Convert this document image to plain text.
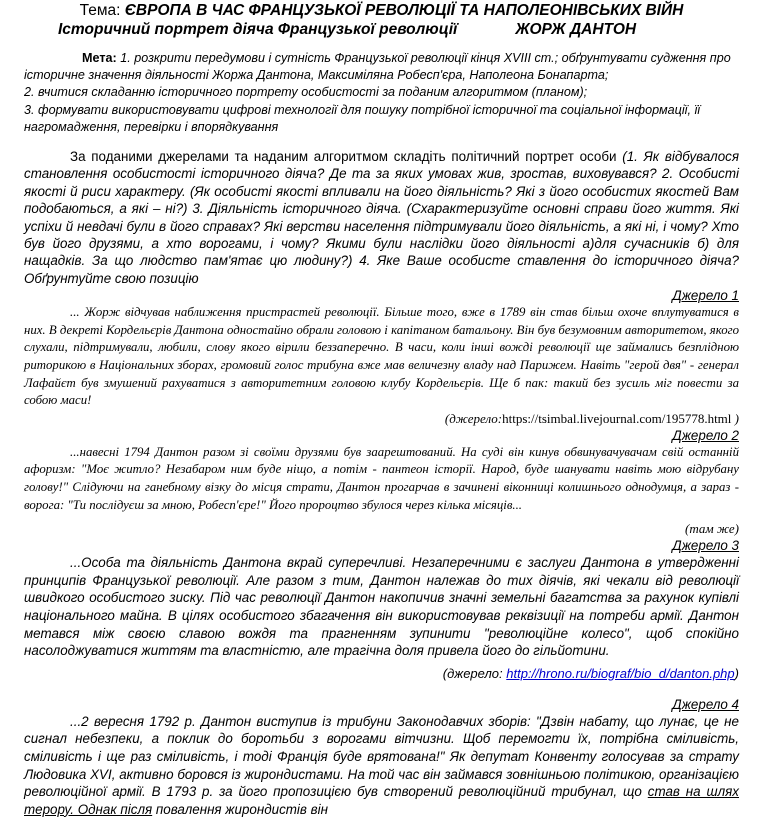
Тема: ЄВРОПА В ЧАС ФРАНЦУЗЬКОЇ РЕВОЛЮЦІЇ ТА НАПОЛЕОНІВСЬКИХ ВІЙН
Історичний портрет діяча Французької революції	ЖОРЖ ДАНТОН
Мета: 1. розкрити передумови і сутність Французької революції кінця XVIII ст.; обґрунтувати судження про історичне значення діяльності Жоржа Дантона, Максиміляна Робесп'єра, Наполеона Бонапарта;
2. вчитися складанню історичного портрету особистості за поданим алгоритмом (планом);
3. формувати використовувати цифрові технології для пошуку потрібної історичної та соціальної інформації, її нагромадження, перевірки і впорядкування
За поданими джерелами та наданим алгоритмом складіть політичний портрет особи (1. Як відбувалося становлення особистості історичного діяча? Де та за яких умовах жив, зростав, виховувався? 2. Особисті якості й риси характеру. (Як особисті якості впливали на його діяльність? Які з його особистих якостей Вам подобаються, а які – ні?) 3. Діяльність історичного діяча. (Схарактеризуйте основні справи його життя. Які успіхи й невдачі були в його справах? Які верстви населення підтримували його діяльність, а які ні, і чому? Хто був його друзями, а хто ворогами, і чому? Якими були наслідки його діяльності а)для сучасників б) для нащадків. За що людство пам'ятає цю людину?) 4. Яке Ваше особисте ставлення до історичного діяча? Обґрунтуйте свою позицію
Джерело 1
... Жорж відчував наближення пристрастей революції. Більше того, вже в 1789 він став більш охоче вплутуватися в них. В декреті Кордельєрів Дантона одностайно обрали головою і капітаном батальону. Він був безумовним авторитетом, якого слухали, підтримували, любили, слову якого вірили беззаперечно. В часи, коли інші вожді революції ще займались безплідною риторикою в Національних зборах, громовий голос трибуна вже мав величезну владу над Парижем. Навіть "герой двя" - генерал Лафайєт був змушений рахуватися з авторитетним головою клубу Кордельєрів. Ще б пак: такий без зусиль міг повести за собою маси!
(джерело:https://tsimbal.livejournal.com/195778.html )
Джерело 2
...навесні 1794 Дантон разом зі своїми друзями був заарештований. На суді він кинув обвинувачувачам свій останній афоризм: "Моє житло? Незабаром ним буде ніщо, а потім - пантеон історії. Народ, буде шанувати навіть мою відрубану голову!" Слідуючи на ганебному візку до місця страти, Дантон прогарчав в зачинені віконниці колишнього однодумця, а зараз - ворога: "Ти послідуєш за мною, Робесп'єре!" Його пророцтво збулося через кілька місяців...
(там же)
Джерело 3
...Особа та діяльність Дантона вкрай суперечливі. Незаперечними є заслуги Дантона в утвердженні принципів Французької революції. Але разом з тим, Дантон належав до тих діячів, які чекали від революції швидкого особистого зиску. Під час революції Дантон накопичив значні земельні багатства за рахунок купівлі національного майна. В цілях особистого збагачення він використовував реквізиції на потреби армії. Дантон метався між своєю славою вождя та прагненням зупинити "революційне колесо", щоб спокійно насолоджуватися життям та властністю, але трагічна доля привела його до гільйотини.
(джерело: http://hrono.ru/biograf/bio_d/danton.php)
Джерело 4
...2 вересня 1792 р. Дантон виступив із трибуни Законодавчих зборів: "Дзвін набату, що лунає, це не сигнал небезпеки, а поклик до боротьби з ворогами вітчизни. Щоб перемогти їх, потрібна сміливість, сміливість і ще раз сміливість, і тоді Франція буде врятована!" Як депутат Конвенту голосував за страту Людовика XVI, активно боровся із жирондистами. На той час він займався зовнішньою політикою, організацією революційної армії. В 1793 р. за його пропозицією був створений революційний трибунал, що став на шлях терору. Однак після повалення жирондистів він
